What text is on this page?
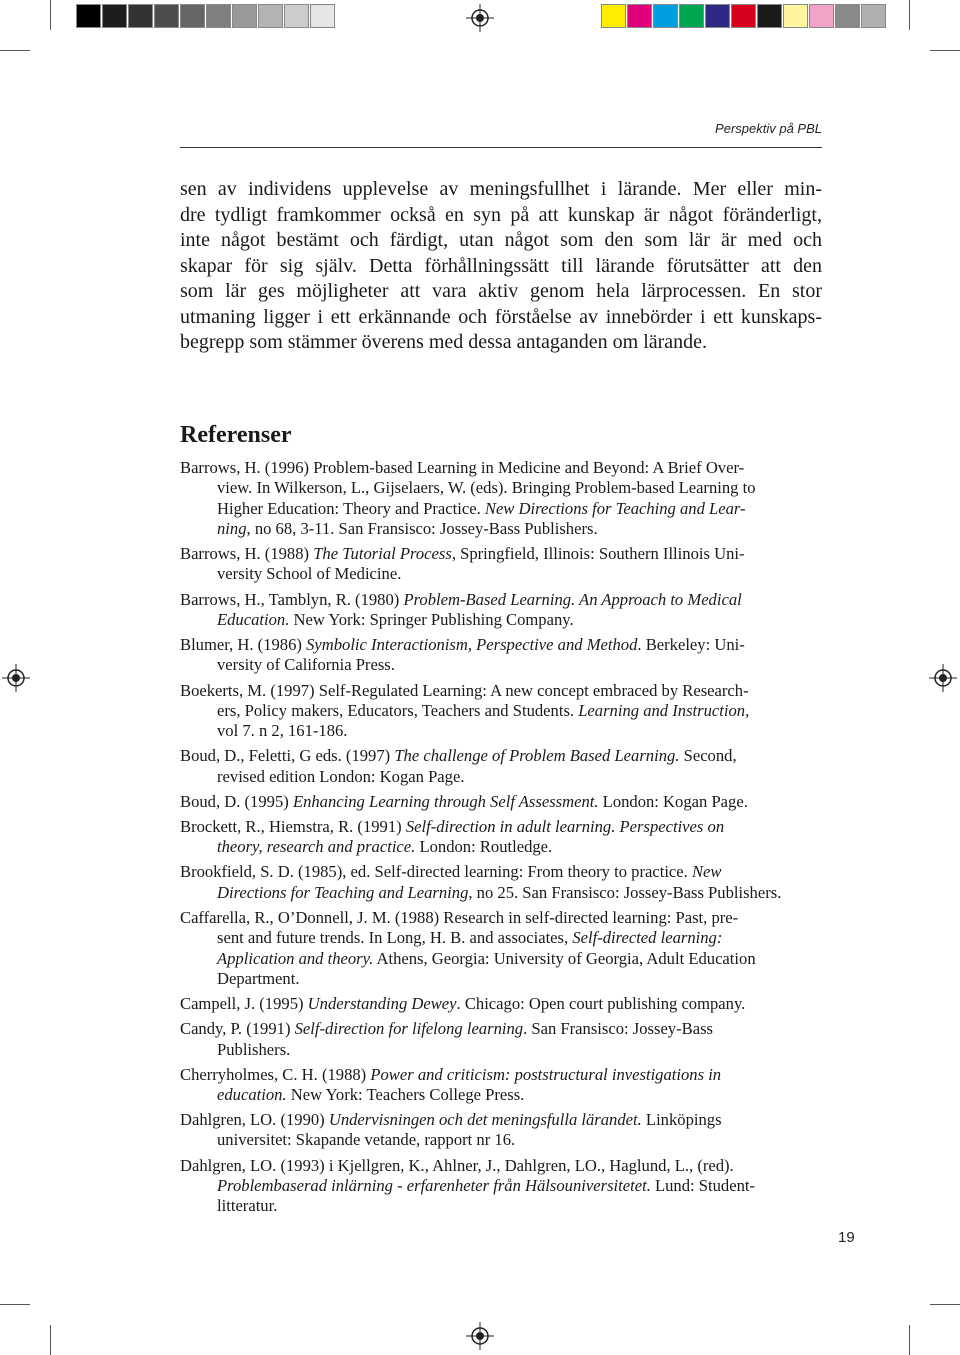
Perspektiv på PBL
sen av individens upplevelse av meningsfullhet i lärande. Mer eller min-
dre tydligt framkommer också en syn på att kunskap är något föränderligt,
inte något bestämt och färdigt, utan något som den som lär är med och
skapar för sig själv. Detta förhållningssätt till lärande förutsätter att den
som lär ges möjligheter att vara aktiv genom hela lärprocessen. En stor
utmaning ligger i ett erkännande och förståelse av innebörder i ett kunskaps-
begrepp som stämmer överens med dessa antaganden om lärande.
Referenser
Barrows, H. (1996) Problem-based Learning in Medicine and Beyond: A Brief Over-
view. In Wilkerson, L., Gijselaers, W. (eds). Bringing Problem-based Learning to
Higher Education: Theory and Practice. New Directions for Teaching and Lear-
ning, no 68, 3-11. San Fransisco: Jossey-Bass Publishers.
Barrows, H. (1988) The Tutorial Process, Springfield, Illinois: Southern Illinois Uni-
versity School of Medicine.
Barrows, H., Tamblyn, R. (1980) Problem-Based Learning. An Approach to Medical
Education. New York: Springer Publishing Company.
Blumer, H. (1986) Symbolic Interactionism, Perspective and Method. Berkeley: Uni-
versity of California Press.
Boekerts, M. (1997) Self-Regulated Learning: A new concept embraced by Research-
ers, Policy makers, Educators, Teachers and Students. Learning and Instruction,
vol 7. n 2, 161-186.
Boud, D., Feletti, G eds. (1997) The challenge of Problem Based Learning. Second,
revised edition London: Kogan Page.
Boud, D. (1995) Enhancing Learning through Self Assessment. London: Kogan Page.
Brockett, R., Hiemstra, R. (1991) Self-direction in adult learning. Perspectives on
theory, research and practice. London: Routledge.
Brookfield, S. D. (1985), ed. Self-directed learning: From theory to practice. New
Directions for Teaching and Learning, no 25. San Fransisco: Jossey-Bass Publishers.
Caffarella, R., O’Donnell, J. M. (1988) Research in self-directed learning: Past, pre-
sent and future trends. In Long, H. B. and associates, Self-directed learning:
Application and theory. Athens, Georgia: University of Georgia, Adult Education
Department.
Campell, J. (1995) Understanding Dewey. Chicago: Open court publishing company.
Candy, P. (1991) Self-direction for lifelong learning. San Fransisco: Jossey-Bass
Publishers.
Cherryholmes, C. H. (1988) Power and criticism: poststructural investigations in
education. New York: Teachers College Press.
Dahlgren, LO. (1990) Undervisningen och det meningsfulla lärandet. Linköpings
universitet: Skapande vetande, rapport nr 16.
Dahlgren, LO. (1993) i Kjellgren, K., Ahlner, J., Dahlgren, LO., Haglund, L., (red).
Problembaserad inlärning - erfarenheter från Hälsouniversitetet. Lund: Student-
litteratur.
19
